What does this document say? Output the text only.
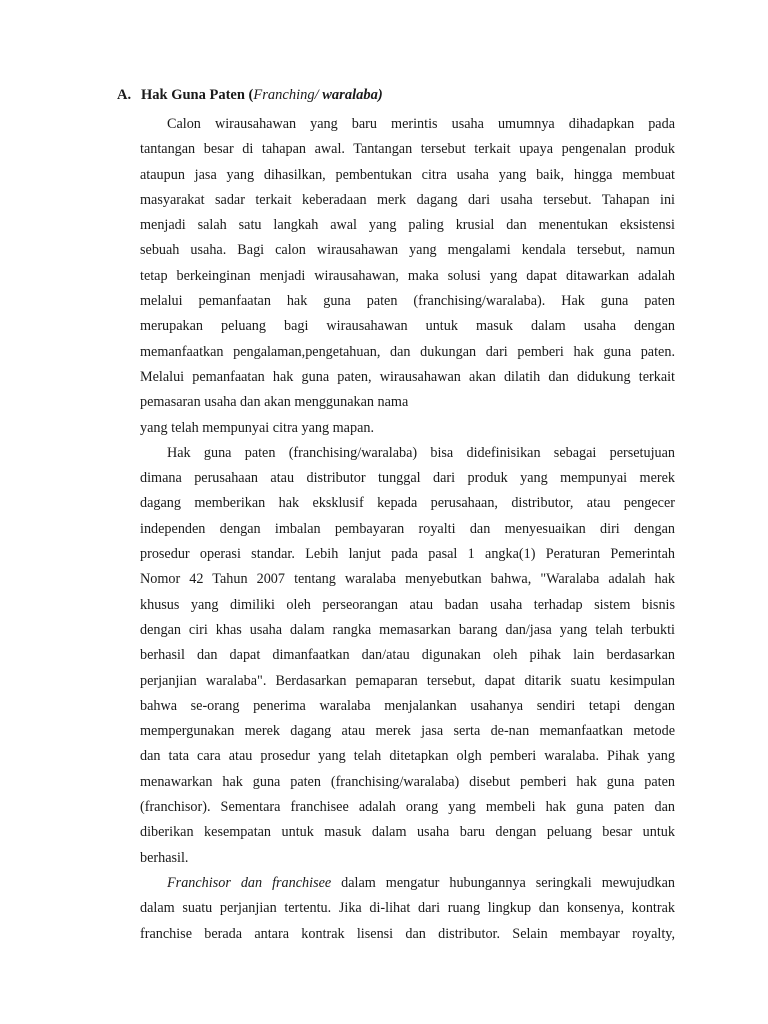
A. Hak Guna Paten (Franching/ waralaba)
Calon wirausahawan yang baru merintis usaha umumnya dihadapkan pada
tantangan besar di tahapan awal. Tantangan tersebut terkait upaya pengenalan produk
ataupun jasa yang dihasilkan, pembentukan citra usaha yang baik, hingga membuat
masyarakat sadar terkait keberadaan merk dagang dari usaha tersebut. Tahapan ini
menjadi salah satu langkah awal yang paling krusial dan menentukan eksistensi
sebuah usaha. Bagi calon wirausahawan yang mengalami kendala tersebut, namun
tetap berkeinginan menjadi wirausahawan, maka solusi yang dapat ditawarkan adalah
melalui pemanfaatan hak guna paten (franchising/waralaba). Hak guna paten
merupakan peluang bagi wirausahawan untuk masuk dalam usaha dengan
memanfaatkan pengalaman,pengetahuan, dan dukungan dari pemberi hak guna paten.
Melalui pemanfaatan hak guna paten, wirausahawan akan dilatih dan didukung terkait
pemasaran usaha dan akan menggunakan nama
yang telah mempunyai citra yang mapan.
Hak guna paten (franchising/waralaba) bisa didefinisikan sebagai persetujuan
dimana perusahaan atau distributor tunggal dari produk yang mempunyai merek
dagang memberikan hak eksklusif kepada perusahaan, distributor, atau pengecer
independen dengan imbalan pembayaran royalti dan menyesuaikan diri dengan
prosedur operasi standar. Lebih lanjut pada pasal 1 angka(1) Peraturan Pemerintah
Nomor 42 Tahun 2007 tentang waralaba menyebutkan bahwa, "Waralaba adalah hak
khusus yang dimiliki oleh perseorangan atau badan usaha terhadap sistem bisnis
dengan ciri khas usaha dalam rangka memasarkan barang dan/jasa yang telah terbukti
berhasil dan dapat dimanfaatkan dan/atau digunakan oleh pihak lain berdasarkan
perjanjian waralaba". Berdasarkan pemaparan tersebut, dapat ditarik suatu kesimpulan
bahwa se-orang penerima waralaba menjalankan usahanya sendiri tetapi dengan
mempergunakan merek dagang atau merek jasa serta de-nan memanfaatkan metode
dan tata cara atau prosedur yang telah ditetapkan olgh pemberi waralaba. Pihak yang
menawarkan hak guna paten (franchising/waralaba) disebut pemberi hak guna paten
(franchisor). Sementara franchisee adalah orang yang membeli hak guna paten dan
diberikan kesempatan untuk masuk dalam usaha baru dengan peluang besar untuk
berhasil.
Franchisor dan franchisee dalam mengatur hubungannya seringkali mewujudkan
dalam suatu perjanjian tertentu. Jika di-lihat dari ruang lingkup dan konsenya, kontrak
franchise berada antara kontrak lisensi dan distributor. Selain membayar royalty,
